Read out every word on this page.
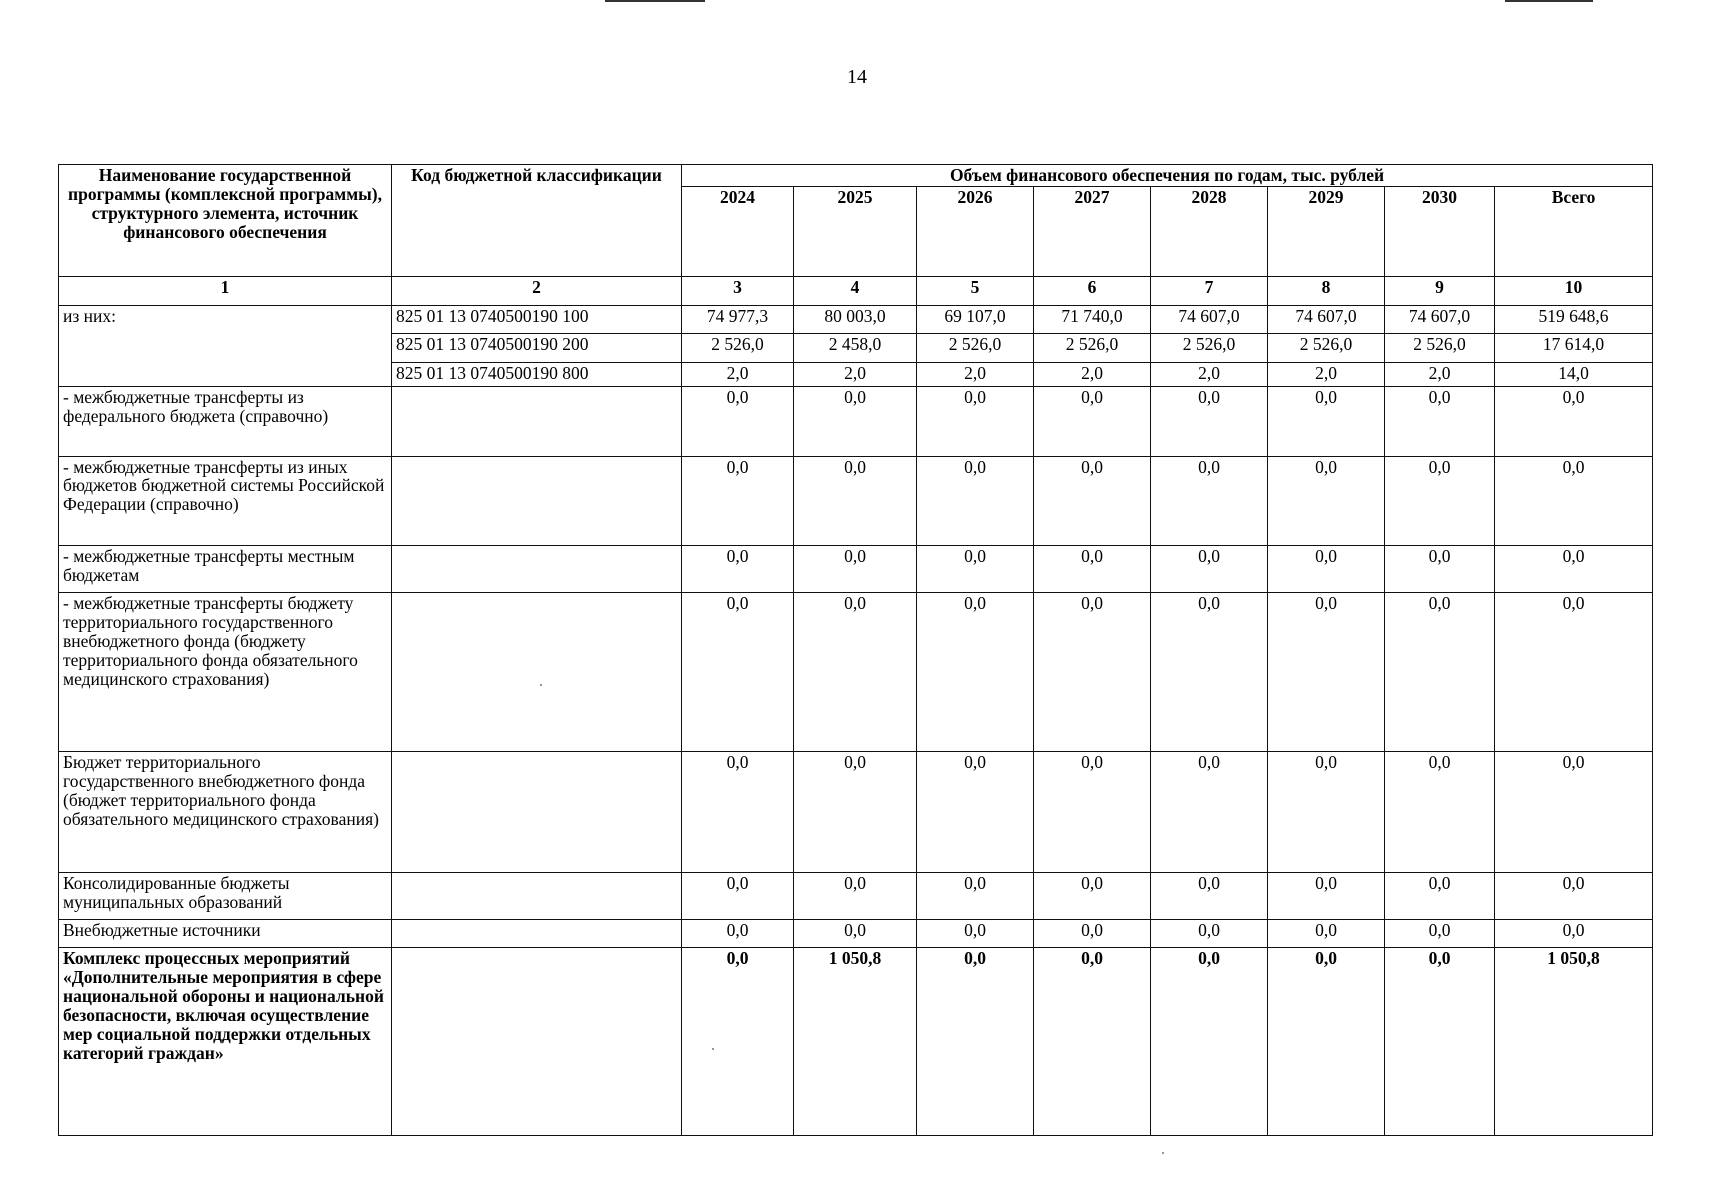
14
Наименование государственной программы (комплексной программы), структурного элемента, источник финансового обеспечения	Код бюджетной классификации	Объем финансового обеспечения по годам, тыс. рублей							
		2024	2025	2026	2027	2028	2029	2030	Всего
1	2	3	4	5	6	7	8	9	10
из них:	825 01 13 0740500190 100	74 977,3	80 003,0	69 107,0	71 740,0	74 607,0	74 607,0	74 607,0	519 648,6
	825 01 13 0740500190 200	2 526,0	2 458,0	2 526,0	2 526,0	2 526,0	2 526,0	2 526,0	17 614,0
	825 01 13 0740500190 800	2,0	2,0	2,0	2,0	2,0	2,0	2,0	14,0
- межбюджетные трансферты из федерального бюджета (справочно)		0,0	0,0	0,0	0,0	0,0	0,0	0,0	0,0
- межбюджетные трансферты из иных бюджетов бюджетной системы Российской Федерации (справочно)		0,0	0,0	0,0	0,0	0,0	0,0	0,0	0,0
- межбюджетные трансферты местным бюджетам		0,0	0,0	0,0	0,0	0,0	0,0	0,0	0,0
- межбюджетные трансферты бюджету территориального государственного внебюджетного фонда (бюджету территориального фонда обязательного медицинского страхования)		0,0	0,0	0,0	0,0	0,0	0,0	0,0	0,0
Бюджет территориального государственного внебюджетного фонда (бюджет территориального фонда обязательного медицинского страхования)		0,0	0,0	0,0	0,0	0,0	0,0	0,0	0,0
Консолидированные бюджеты муниципальных образований		0,0	0,0	0,0	0,0	0,0	0,0	0,0	0,0
Внебюджетные источники		0,0	0,0	0,0	0,0	0,0	0,0	0,0	0,0
Комплекс процессных мероприятий «Дополнительные мероприятия в сфере национальной обороны и национальной безопасности, включая осуществление мер социальной поддержки отдельных категорий граждан»		0,0	1 050,8	0,0	0,0	0,0	0,0	0,0	1 050,8
